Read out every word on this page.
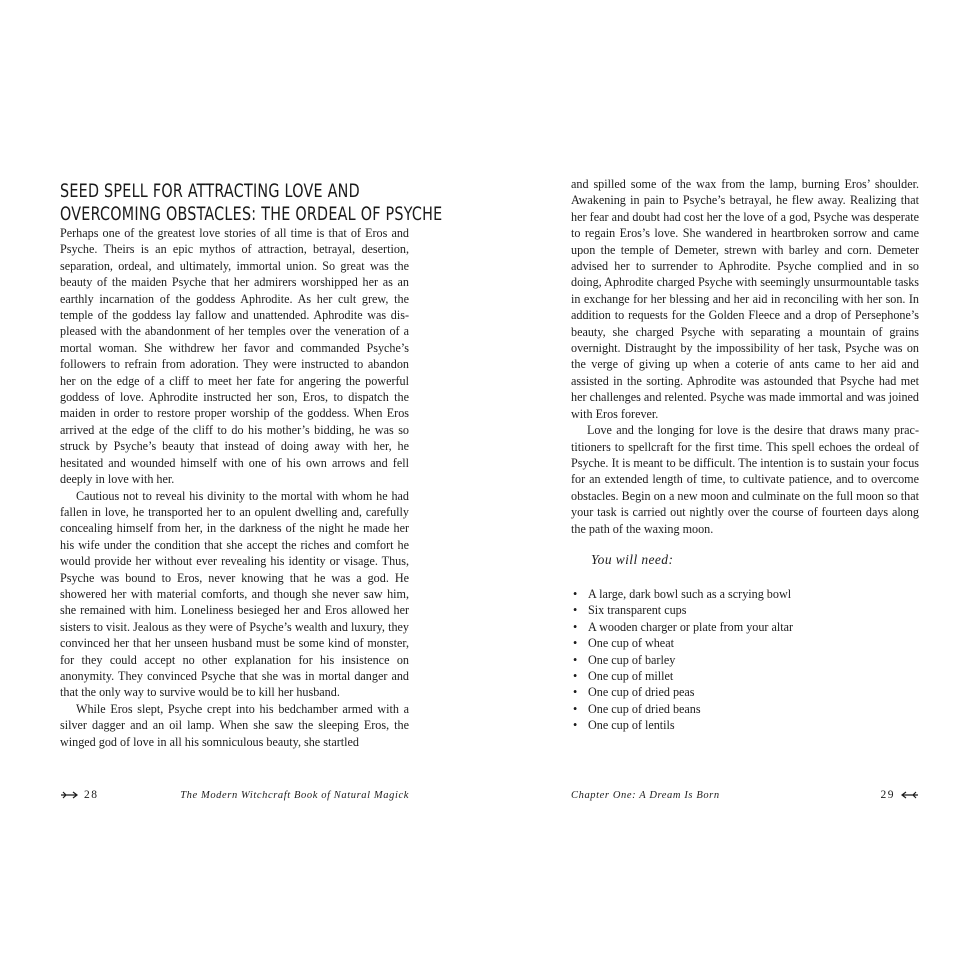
SEED SPELL FOR ATTRACTING LOVE AND
OVERCOMING OBSTACLES: THE ORDEAL OF PSYCHE

Perhaps one of the greatest love stories of all time is that of Eros and Psyche. Theirs is an epic mythos of attraction, betrayal, desertion, separation, ordeal, and ultimately, immortal union. So great was the beauty of the maiden Psyche that her admirers worshipped her as an earthly incarnation of the goddess Aphrodite. As her cult grew, the temple of the goddess lay fallow and unattended. Aphrodite was displeased with the abandonment of her temples over the veneration of a mortal woman. She withdrew her favor and commanded Psyche’s followers to refrain from adoration. They were instructed to abandon her on the edge of a cliff to meet her fate for angering the powerful goddess of love. Aphrodite instructed her son, Eros, to dispatch the maiden in order to restore proper worship of the goddess. When Eros arrived at the edge of the cliff to do his mother’s bidding, he was so struck by Psyche’s beauty that instead of doing away with her, he hesitated and wounded himself with one of his own arrows and fell deeply in love with her.

Cautious not to reveal his divinity to the mortal with whom he had fallen in love, he transported her to an opulent dwelling and, carefully concealing himself from her, in the darkness of the night he made her his wife under the condition that she accept the riches and comfort he would provide her without ever revealing his identity or visage. Thus, Psyche was bound to Eros, never knowing that he was a god. He showered her with material comforts, and though she never saw him, she remained with him. Loneliness besieged her and Eros allowed her sisters to visit. Jealous as they were of Psyche’s wealth and luxury, they convinced her that her unseen husband must be some kind of monster, for they could accept no other explanation for his insistence on anonymity. They convinced Psyche that she was in mortal danger and that the only way to survive would be to kill her husband.

While Eros slept, Psyche crept into his bedchamber armed with a silver dagger and an oil lamp. When she saw the sleeping Eros, the winged god of love in all his somniculous beauty, she startled

28	The Modern Witchcraft Book of Natural Magick

and spilled some of the wax from the lamp, burning Eros’ shoulder. Awakening in pain to Psyche’s betrayal, he flew away. Realizing that her fear and doubt had cost her the love of a god, Psyche was desperate to regain Eros’s love. She wandered in heartbroken sorrow and came upon the temple of Demeter, strewn with barley and corn. Demeter advised her to surrender to Aphrodite. Psyche complied and in so doing, Aphrodite charged Psyche with seemingly unsurmountable tasks in exchange for her blessing and her aid in reconciling with her son. In addition to requests for the Golden Fleece and a drop of Persephone’s beauty, she charged Psyche with separating a mountain of grains overnight. Distraught by the impossibility of her task, Psyche was on the verge of giving up when a coterie of ants came to her aid and assisted in the sorting. Aphrodite was astounded that Psyche had met her challenges and relented. Psyche was made immortal and was joined with Eros forever.

Love and the longing for love is the desire that draws many practitioners to spellcraft for the first time. This spell echoes the ordeal of Psyche. It is meant to be difficult. The intention is to sustain your focus for an extended length of time, to cultivate patience, and to overcome obstacles. Begin on a new moon and culminate on the full moon so that your task is carried out nightly over the course of fourteen days along the path of the waxing moon.

You will need:
• A large, dark bowl such as a scrying bowl
• Six transparent cups
• A wooden charger or plate from your altar
• One cup of wheat
• One cup of barley
• One cup of millet
• One cup of dried peas
• One cup of dried beans
• One cup of lentils
Chapter One: A Dream Is Born	29
